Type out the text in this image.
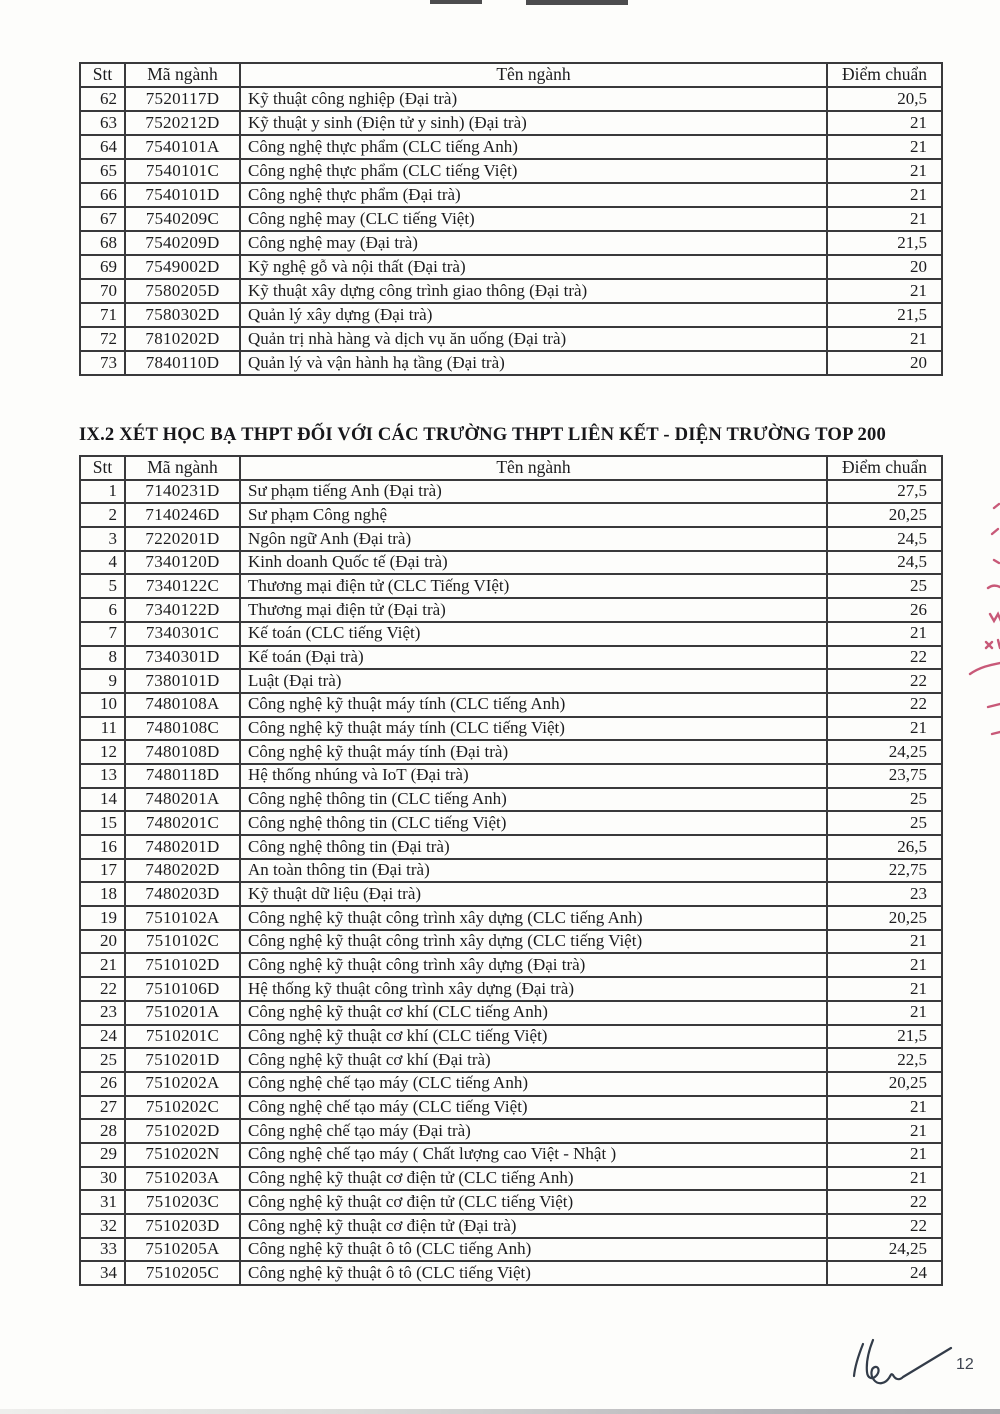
Stt	Mã ngành	Tên ngành	Điểm chuẩn
62	7520117D	Kỹ thuật công nghiệp (Đại trà)	20,5
63	7520212D	Kỹ thuật y sinh (Điện tử y sinh) (Đại trà)	21
64	7540101A	Công nghệ thực phẩm (CLC tiếng Anh)	21
65	7540101C	Công nghệ thực phẩm (CLC tiếng Việt)	21
66	7540101D	Công nghệ thực phẩm (Đại trà)	21
67	7540209C	Công nghệ may (CLC tiếng Việt)	21
68	7540209D	Công nghệ may (Đại trà)	21,5
69	7549002D	Kỹ nghệ gỗ và nội thất (Đại trà)	20
70	7580205D	Kỹ thuật xây dựng công trình giao thông (Đại trà)	21
71	7580302D	Quản lý xây dựng (Đại trà)	21,5
72	7810202D	Quản trị nhà hàng và dịch vụ ăn uống (Đại trà)	21
73	7840110D	Quản lý và vận hành hạ tầng (Đại trà)	20
IX.2 XÉT HỌC BẠ THPT ĐỐI VỚI CÁC TRƯỜNG THPT LIÊN KẾT - DIỆN TRƯỜNG TOP 200
Stt	Mã ngành	Tên ngành	Điểm chuẩn
1	7140231D	Sư phạm tiếng Anh (Đại trà)	27,5
2	7140246D	Sư phạm Công nghệ	20,25
3	7220201D	Ngôn ngữ Anh (Đại trà)	24,5
4	7340120D	Kinh doanh Quốc tế (Đại trà)	24,5
5	7340122C	Thương mại điện tử (CLC Tiếng VIệt)	25
6	7340122D	Thương mại điện tử (Đại trà)	26
7	7340301C	Kế toán (CLC tiếng Việt)	21
8	7340301D	Kế toán (Đại trà)	22
9	7380101D	Luật (Đại trà)	22
10	7480108A	Công nghệ kỹ thuật máy tính (CLC tiếng Anh)	22
11	7480108C	Công nghệ kỹ thuật máy tính (CLC tiếng Việt)	21
12	7480108D	Công nghệ kỹ thuật máy tính (Đại trà)	24,25
13	7480118D	Hệ thống nhúng và IoT (Đại trà)	23,75
14	7480201A	Công nghệ thông tin (CLC tiếng Anh)	25
15	7480201C	Công nghệ thông tin (CLC tiếng Việt)	25
16	7480201D	Công nghệ thông tin (Đại trà)	26,5
17	7480202D	An toàn thông tin (Đại trà)	22,75
18	7480203D	Kỹ thuật dữ liệu (Đại trà)	23
19	7510102A	Công nghệ kỹ thuật công trình xây dựng (CLC tiếng Anh)	20,25
20	7510102C	Công nghệ kỹ thuật công trình xây dựng (CLC tiếng Việt)	21
21	7510102D	Công nghệ kỹ thuật công trình xây dựng (Đại trà)	21
22	7510106D	Hệ thống kỹ thuật công trình xây dựng (Đại trà)	21
23	7510201A	Công nghệ kỹ thuật cơ khí (CLC tiếng Anh)	21
24	7510201C	Công nghệ kỹ thuật cơ khí (CLC tiếng Việt)	21,5
25	7510201D	Công nghệ kỹ thuật cơ khí (Đại trà)	22,5
26	7510202A	Công nghệ chế tạo máy (CLC tiếng Anh)	20,25
27	7510202C	Công nghệ chế tạo máy (CLC tiếng Việt)	21
28	7510202D	Công nghệ chế tạo máy (Đại trà)	21
29	7510202N	Công nghệ chế tạo máy ( Chất lượng cao Việt - Nhật )	21
30	7510203A	Công nghệ kỹ thuật cơ điện tử (CLC tiếng Anh)	21
31	7510203C	Công nghệ kỹ thuật cơ điện tử (CLC tiếng Việt)	22
32	7510203D	Công nghệ kỹ thuật cơ điện tử (Đại trà)	22
33	7510205A	Công nghệ kỹ thuật ô tô (CLC tiếng Anh)	24,25
34	7510205C	Công nghệ kỹ thuật ô tô (CLC tiếng Việt)	24
12
